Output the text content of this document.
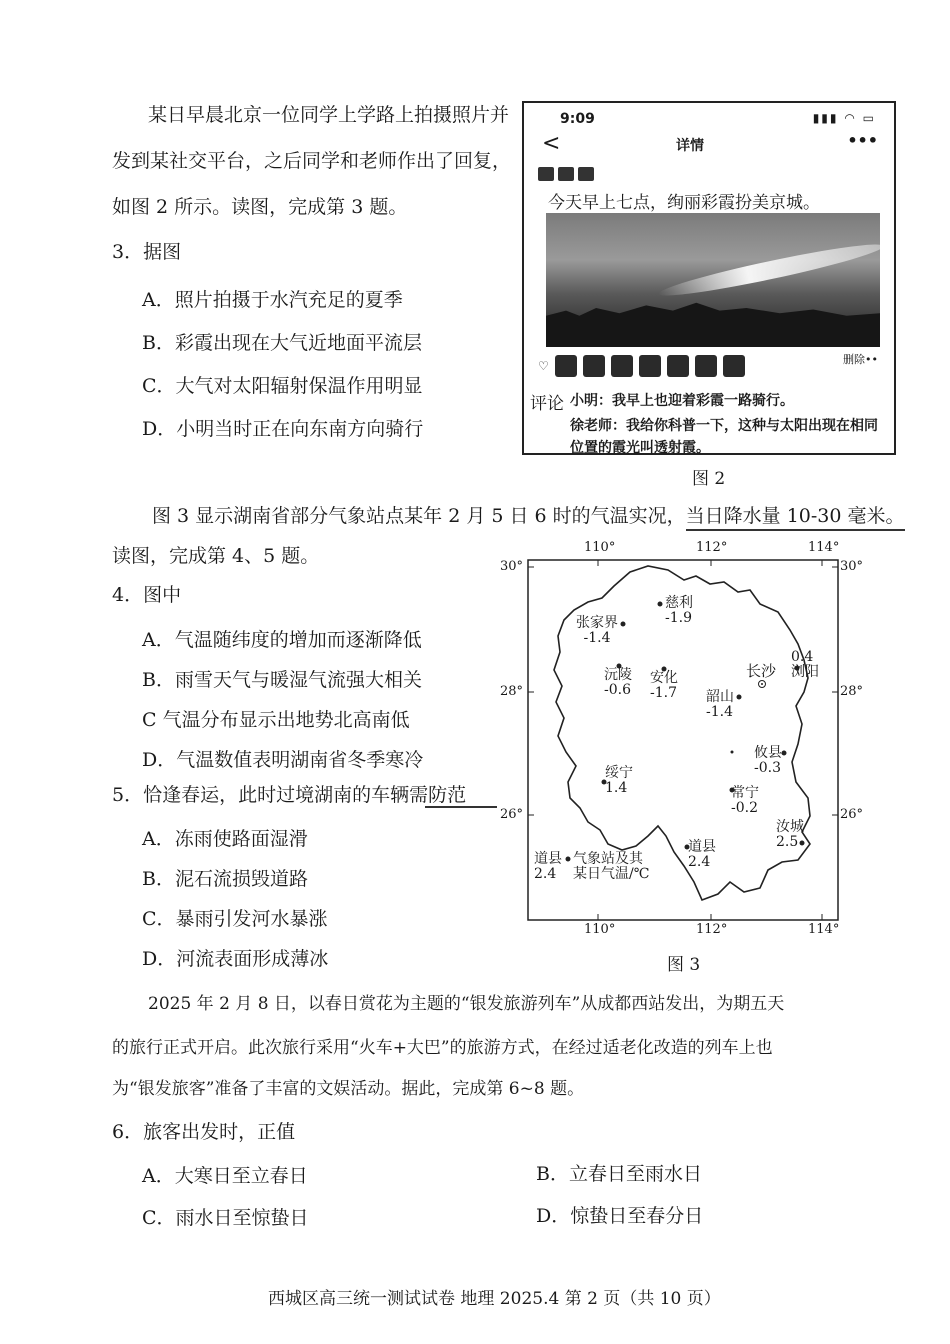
某日早晨北京一位同学上学路上拍摄照片并
发到某社交平台，之后同学和老师作出了回复，
如图 2 所示。读图，完成第 3 题。
3．据图
A．照片拍摄于水汽充足的夏季
B．彩霞出现在大气近地面平流层
C．大气对太阳辐射保温作用明显
D．小明当时正在向东南方向骑行
9:09	▮▮▮ ◠ ▭
<	详情	•••
今天早上七点，绚丽彩霞扮美京城。
♡	删除••
评论 小明：我早上也迎着彩霞一路骑行。
徐老师：我给你科普一下，这种与太阳出现在相同
位置的霞光叫透射霞。
图 2
图 3 显示湖南省部分气象站点某年 2 月 5 日 6 时的气温实况，当日降水量 10-30 毫米。
读图，完成第 4、5 题。
4．图中
A．气温随纬度的增加而逐渐降低
B．雨雪天气与暖湿气流强大相关
C 气温分布显示出地势北高南低
D．气温数值表明湖南省冬季寒冷
5．恰逢春运，此时过境湖南的车辆需防范
A．冻雨使路面湿滑
B．泥石流损毁道路
C．暴雨引发河水暴涨
D．河流表面形成薄冰
110°	112°	114°
110°	112°	114°
30°
28°
26°
30°
28°
26°
慈利
-1.9
张家界
-1.4
沅陵
-0.6
安化
-1.7
长沙
0.4
浏阳
韶山
-1.4
攸县
-0.3
绥宁
1.4	常宁
-0.2
汝城
2.5
道县
2.4
道县
2.4
气象站及其
某日气温/℃
图 3
2025 年 2 月 8 日，以春日赏花为主题的“银发旅游列车”从成都西站发出，为期五天
的旅行正式开启。此次旅行采用“火车+大巴”的旅游方式，在经过适老化改造的列车上也
为“银发旅客”准备了丰富的文娱活动。据此，完成第 6~8 题。
6．旅客出发时，正值
A．大寒日至立春日	B．立春日至雨水日
C．雨水日至惊蛰日	D．惊蛰日至春分日
西城区高三统一测试试卷 地理 2025.4 第 2 页（共 10 页）
